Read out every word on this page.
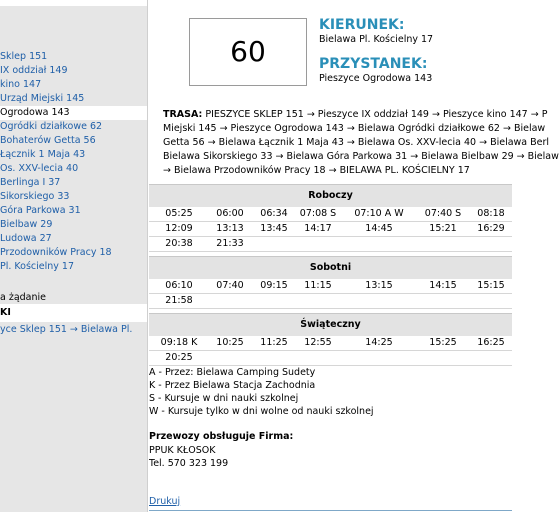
Sklep 151
IX oddział 149
kino 147
Urząd Miejski 145
Ogrodowa 143
Ogródki działkowe 62
Bohaterów Getta 56
Łącznik 1 Maja 43
Os. XXV-lecia 40
Berlinga I 37
Sikorskiego 33
Góra Parkowa 31
Bielbaw 29
Ludowa 27
Przodowników Pracy 18
Pl. Kościelny 17
a żądanie
KI
yce Sklep 151 → Bielawa Pl.
60
KIERUNEK:
Bielawa Pl. Kościelny 17
PRZYSTANEK:
Pieszyce Ogrodowa 143
TRASA: PIESZYCE SKLEP 151 → Pieszyce IX oddział 149 → Pieszyce kino 147 → P
Miejski 145 → Pieszyce Ogrodowa 143 → Bielawa Ogródki działkowe 62 → Bielaw
Getta 56 → Bielawa Łącznik 1 Maja 43 → Bielawa Os. XXV-lecia 40 → Bielawa Berl
Bielawa Sikorskiego 33 → Bielawa Góra Parkowa 31 → Bielawa Bielbaw 29 → Bielaw
→ Bielawa Przodowników Pracy 18 → BIELAWA PL. KOŚCIELNY 17
Roboczy
05:25	06:00	06:34	07:08 S	07:10 A W	07:40 S	08:18
12:09	13:13	13:45	14:17	14:45	15:21	16:29
20:38	21:33
Sobotni
06:10	07:40	09:15	11:15	13:15	14:15	15:15
21:58
Świąteczny
09:18 K	10:25	11:25	12:55	14:25	15:25	16:25
20:25
A - Przez: Bielawa Camping Sudety
K - Przez Bielawa Stacja Zachodnia
S - Kursuje w dni nauki szkolnej
W - Kursuje tylko w dni wolne od nauki szkolnej
Przewozy obsługuje Firma:
PPUK KŁOSOK
Tel. 570 323 199
Drukuj
